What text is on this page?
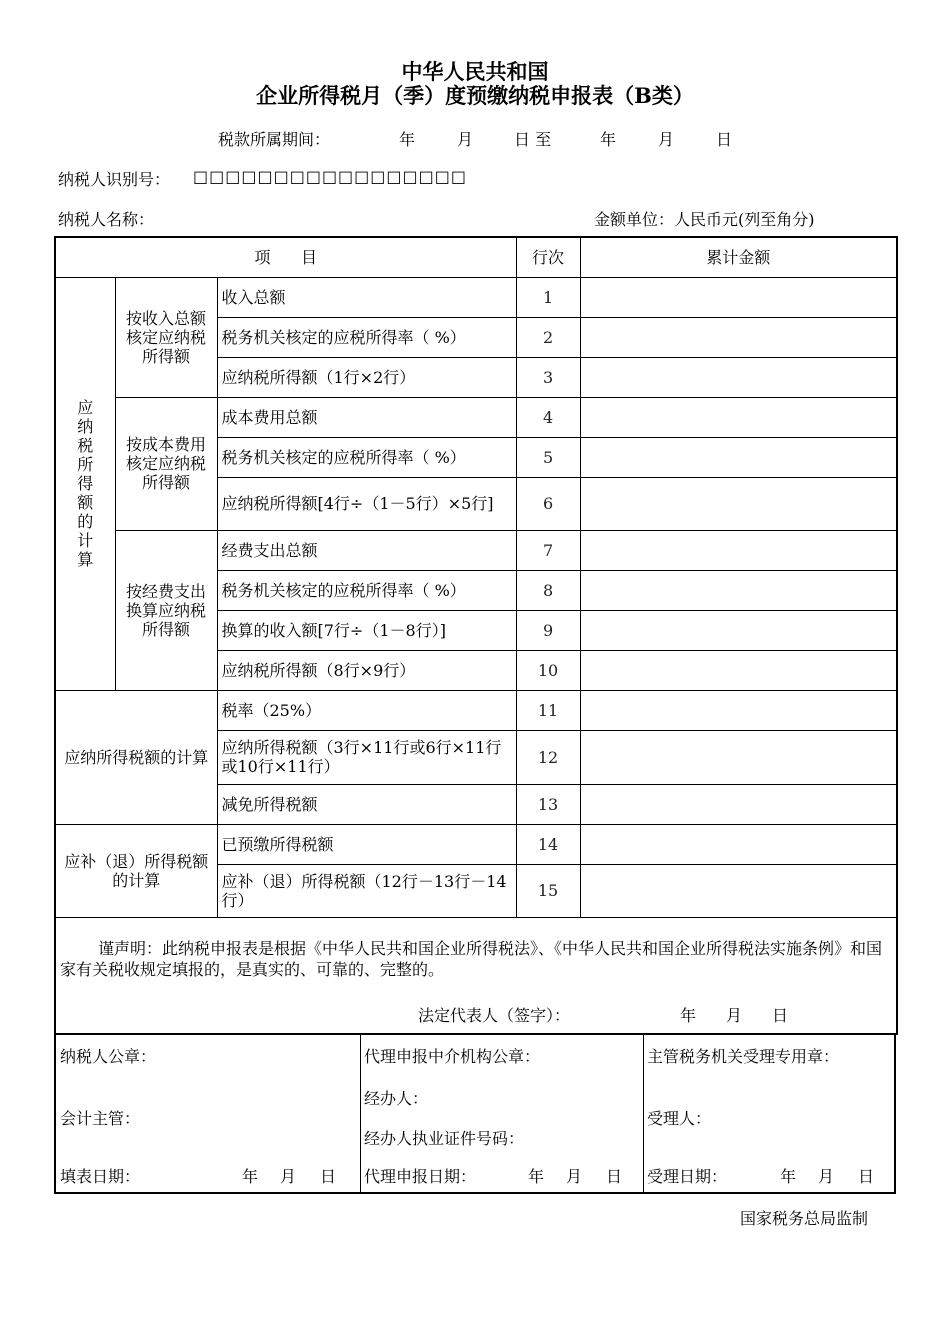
中华人民共和国
企业所得税月（季）度预缴纳税申报表（B类）
税款所属期间：	年	月	日 至	年	月	日
纳税人识别号： □□□□□□□□□□□□□□□□□
纳税人名称：	金额单位：人民币元(列至角分)
项      目			行次	累计金额
应纳税所得额的计算	按收入总额核定应纳税所得额	收入总额	1	
		税务机关核定的应税所得率（ %）	2	
		应纳税所得额（1行×2行）	3	
	按成本费用核定应纳税所得额	成本费用总额	4	
		税务机关核定的应税所得率（ %）	5	
		应纳税所得额[4行÷（1－5行）×5行]	6	
	按经费支出换算应纳税所得额	经费支出总额	7	
		税务机关核定的应税所得率（ %）	8	
		换算的收入额[7行÷（1－8行）]	9	
		应纳税所得额（8行×9行）	10	
应纳所得税额的计算		税率（25%）	11	
		应纳所得税额（3行×11行或6行×11行或10行×11行）	12	
		减免所得税额	13	
应补（退）所得税额的计算		已预缴所得税额	14	
		应补（退）所得税额（12行－13行－14行）	15	

谨声明：此纳税申报表是根据《中华人民共和国企业所得税法》、《中华人民共和国企业所得税法实施条例》和国家有关税收规定填报的，是真实的、可靠的、完整的。
法定代表人（签字）： 年 月 日				
纳税人公章：
会计主管：
填表日期：	年 月 日
代理申报中介机构公章：
经办人：
经办人执业证件号码：
代理申报日期：	年 月 日
主管税务机关受理专用章：
受理人：
受理日期：	年 月 日
国家税务总局监制
